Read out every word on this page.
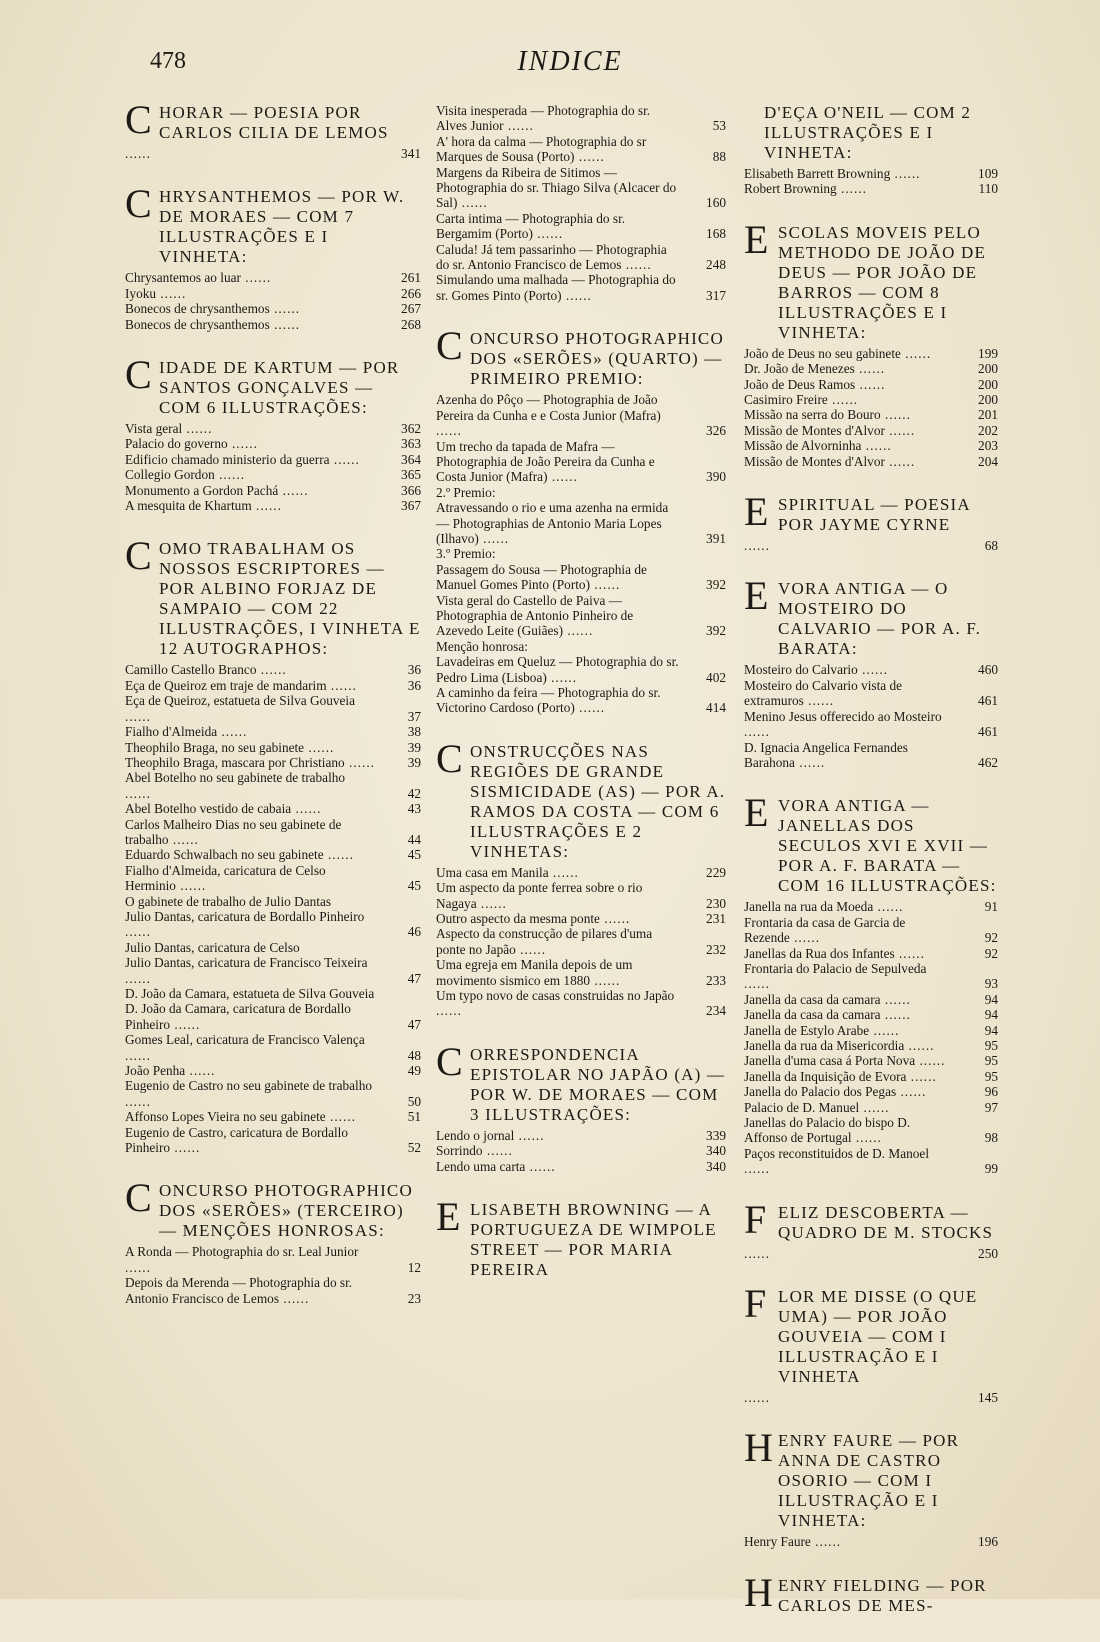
478	INDICE
C HORAR — POESIA POR CARLOS CILIA DE LEMOS
......	341
C HRYSANTHEMOS — POR W. DE MORAES — COM 7 ILLUSTRAÇÕES E I VINHETA:
Chrysantemos ao luar ......	261
Iyoku ......	266
Bonecos de chrysanthemos ......	267
Bonecos de chrysanthemos ......	268
C IDADE DE KARTUM — POR SANTOS GONÇALVES — COM 6 ILLUSTRAÇÕES:
Vista geral ......	362
Palacio do governo ......	363
Edificio chamado ministerio da guerra ......	364
Collegio Gordon ......	365
Monumento a Gordon Pachá ......	366
A mesquita de Khartum ......	367
C OMO TRABALHAM OS NOSSOS ESCRIPTORES — POR ALBINO FORJAZ DE SAMPAIO — COM 22 ILLUSTRAÇÕES, I VINHETA E 12 AUTOGRAPHOS:
Camillo Castello Branco ......	36
Eça de Queiroz em traje de mandarim ......	36
Eça de Queiroz, estatueta de Silva Gouveia ......	37
Fialho d'Almeida ......	38
Theophilo Braga, no seu gabinete ......	39
Theophilo Braga, mascara por Christiano ......	39
Abel Botelho no seu gabinete de trabalho ......	42
Abel Botelho vestido de cabaia ......	43
Carlos Malheiro Dias no seu gabinete de trabalho ......	44
Eduardo Schwalbach no seu gabinete ......	45
Fialho d'Almeida, caricatura de Celso Herminio ......	45
O gabinete de trabalho de Julio Dantas
Julio Dantas, caricatura de Bordallo Pinheiro ......	46
Julio Dantas, caricatura de Celso
Julio Dantas, caricatura de Francisco Teixeira ......	47
D. João da Camara, estatueta de Silva Gouveia
D. João da Camara, caricatura de Bordallo Pinheiro ......	47
Gomes Leal, caricatura de Francisco Valença ......	48
João Penha ......	49
Eugenio de Castro no seu gabinete de trabalho ......	50
Affonso Lopes Vieira no seu gabinete ......	51
Eugenio de Castro, caricatura de Bordallo Pinheiro ......	52
C ONCURSO PHOTOGRAPHICO DOS «SERÕES» (TERCEIRO) — MENÇÕES HONROSAS:
A Ronda — Photographia do sr. Leal Junior ......	12
Depois da Merenda — Photographia do sr. Antonio Francisco de Lemos ......	23
Visita inesperada — Photographia do sr. Alves Junior ......	53
A' hora da calma — Photographia do sr Marques de Sousa (Porto) ......	88
Margens da Ribeira de Sitimos — Photographia do sr. Thiago Silva (Alcacer do Sal) ......	160
Carta intima — Photographia do sr. Bergamim (Porto) ......	168
Caluda! Já tem passarinho — Photographia do sr. Antonio Francisco de Lemos ......	248
Simulando uma malhada — Photographia do sr. Gomes Pinto (Porto) ......	317
C ONCURSO PHOTOGRAPHICO DOS «SERÕES» (QUARTO) — PRIMEIRO PREMIO:
Azenha do Pôço — Photographia de João Pereira da Cunha e e Costa Junior (Mafra) ......	326
Um trecho da tapada de Mafra — Photographia de João Pereira da Cunha e Costa Junior (Mafra) ......	390
2.º Premio:
Atravessando o rio e uma azenha na ermida — Photographias de Antonio Maria Lopes (Ilhavo) ......	391
3.º Premio:
Passagem do Sousa — Photographia de Manuel Gomes Pinto (Porto) ......	392
Vista geral do Castello de Paiva — Photographia de Antonio Pinheiro de Azevedo Leite (Guiães) ......	392
Menção honrosa:
Lavadeiras em Queluz — Photographia do sr. Pedro Lima (Lisboa) ......	402
A caminho da feira — Photographia do sr. Victorino Cardoso (Porto) ......	414
C ONSTRUCÇÕES NAS REGIÕES DE GRANDE SISMICIDADE (AS) — POR A. RAMOS DA COSTA — COM 6 ILLUSTRAÇÕES E 2 VINHETAS:
Uma casa em Manila ......	229
Um aspecto da ponte ferrea sobre o rio Nagaya ......	230
Outro aspecto da mesma ponte ......	231
Aspecto da construcção de pilares d'uma ponte no Japão ......	232
Uma egreja em Manila depois de um movimento sismico em 1880 ......	233
Um typo novo de casas construidas no Japão ......	234
C ORRESPONDENCIA EPISTOLAR NO JAPÃO (A) — POR W. DE MORAES — COM 3 ILLUSTRAÇÕES:
Lendo o jornal ......	339
Sorrindo ......	340
Lendo uma carta ......	340
E LISABETH BROWNING — A PORTUGUEZA DE WIMPOLE STREET — POR MARIA PEREIRA
D'EÇA O'NEIL — COM 2 ILLUSTRAÇÕES E I VINHETA:
Elisabeth Barrett Browning ......	109
Robert Browning ......	110
E SCOLAS MOVEIS PELO METHODO DE JOÃO DE DEUS — POR JOÃO DE BARROS — COM 8 ILLUSTRAÇÕES E I VINHETA:
João de Deus no seu gabinete ......	199
Dr. João de Menezes ......	200
João de Deus Ramos ......	200
Casimiro Freire ......	200
Missão na serra do Bouro ......	201
Missão de Montes d'Alvor ......	202
Missão de Alvorninha ......	203
Missão de Montes d'Alvor ......	204
E SPIRITUAL — POESIA POR JAYME CYRNE
......	68
E VORA ANTIGA — O MOSTEIRO DO CALVARIO — POR A. F. BARATA:
Mosteiro do Calvario ......	460
Mosteiro do Calvario vista de extramuros ......	461
Menino Jesus offerecido ao Mosteiro ......	461
D. Ignacia Angelica Fernandes Barahona ......	462
E VORA ANTIGA — JANELLAS DOS SECULOS XVI E XVII — POR A. F. BARATA — COM 16 ILLUSTRAÇÕES:
Janella na rua da Moeda ......	91
Frontaria da casa de Garcia de Rezende ......	92
Janellas da Rua dos Infantes ......	92
Frontaria do Palacio de Sepulveda ......	93
Janella da casa da camara ......	94
Janella da casa da camara ......	94
Janella de Estylo Arabe ......	94
Janella da rua da Misericordia ......	95
Janella d'uma casa á Porta Nova ......	95
Janella da Inquisição de Evora ......	95
Janella do Palacio dos Pegas ......	96
Palacio de D. Manuel ......	97
Janellas do Palacio do bispo D. Affonso de Portugal ......	98
Paços reconstituidos de D. Manoel ......	99
F ELIZ DESCOBERTA — QUADRO DE M. STOCKS
......	250
F LOR ME DISSE (O QUE UMA) — POR JOÃO GOUVEIA — COM I ILLUSTRAÇÃO E I VINHETA
......	145
H ENRY FAURE — POR ANNA DE CASTRO OSORIO — COM I ILLUSTRAÇÃO E I VINHETA:
Henry Faure ......	196
H ENRY FIELDING — POR CARLOS DE MES-
